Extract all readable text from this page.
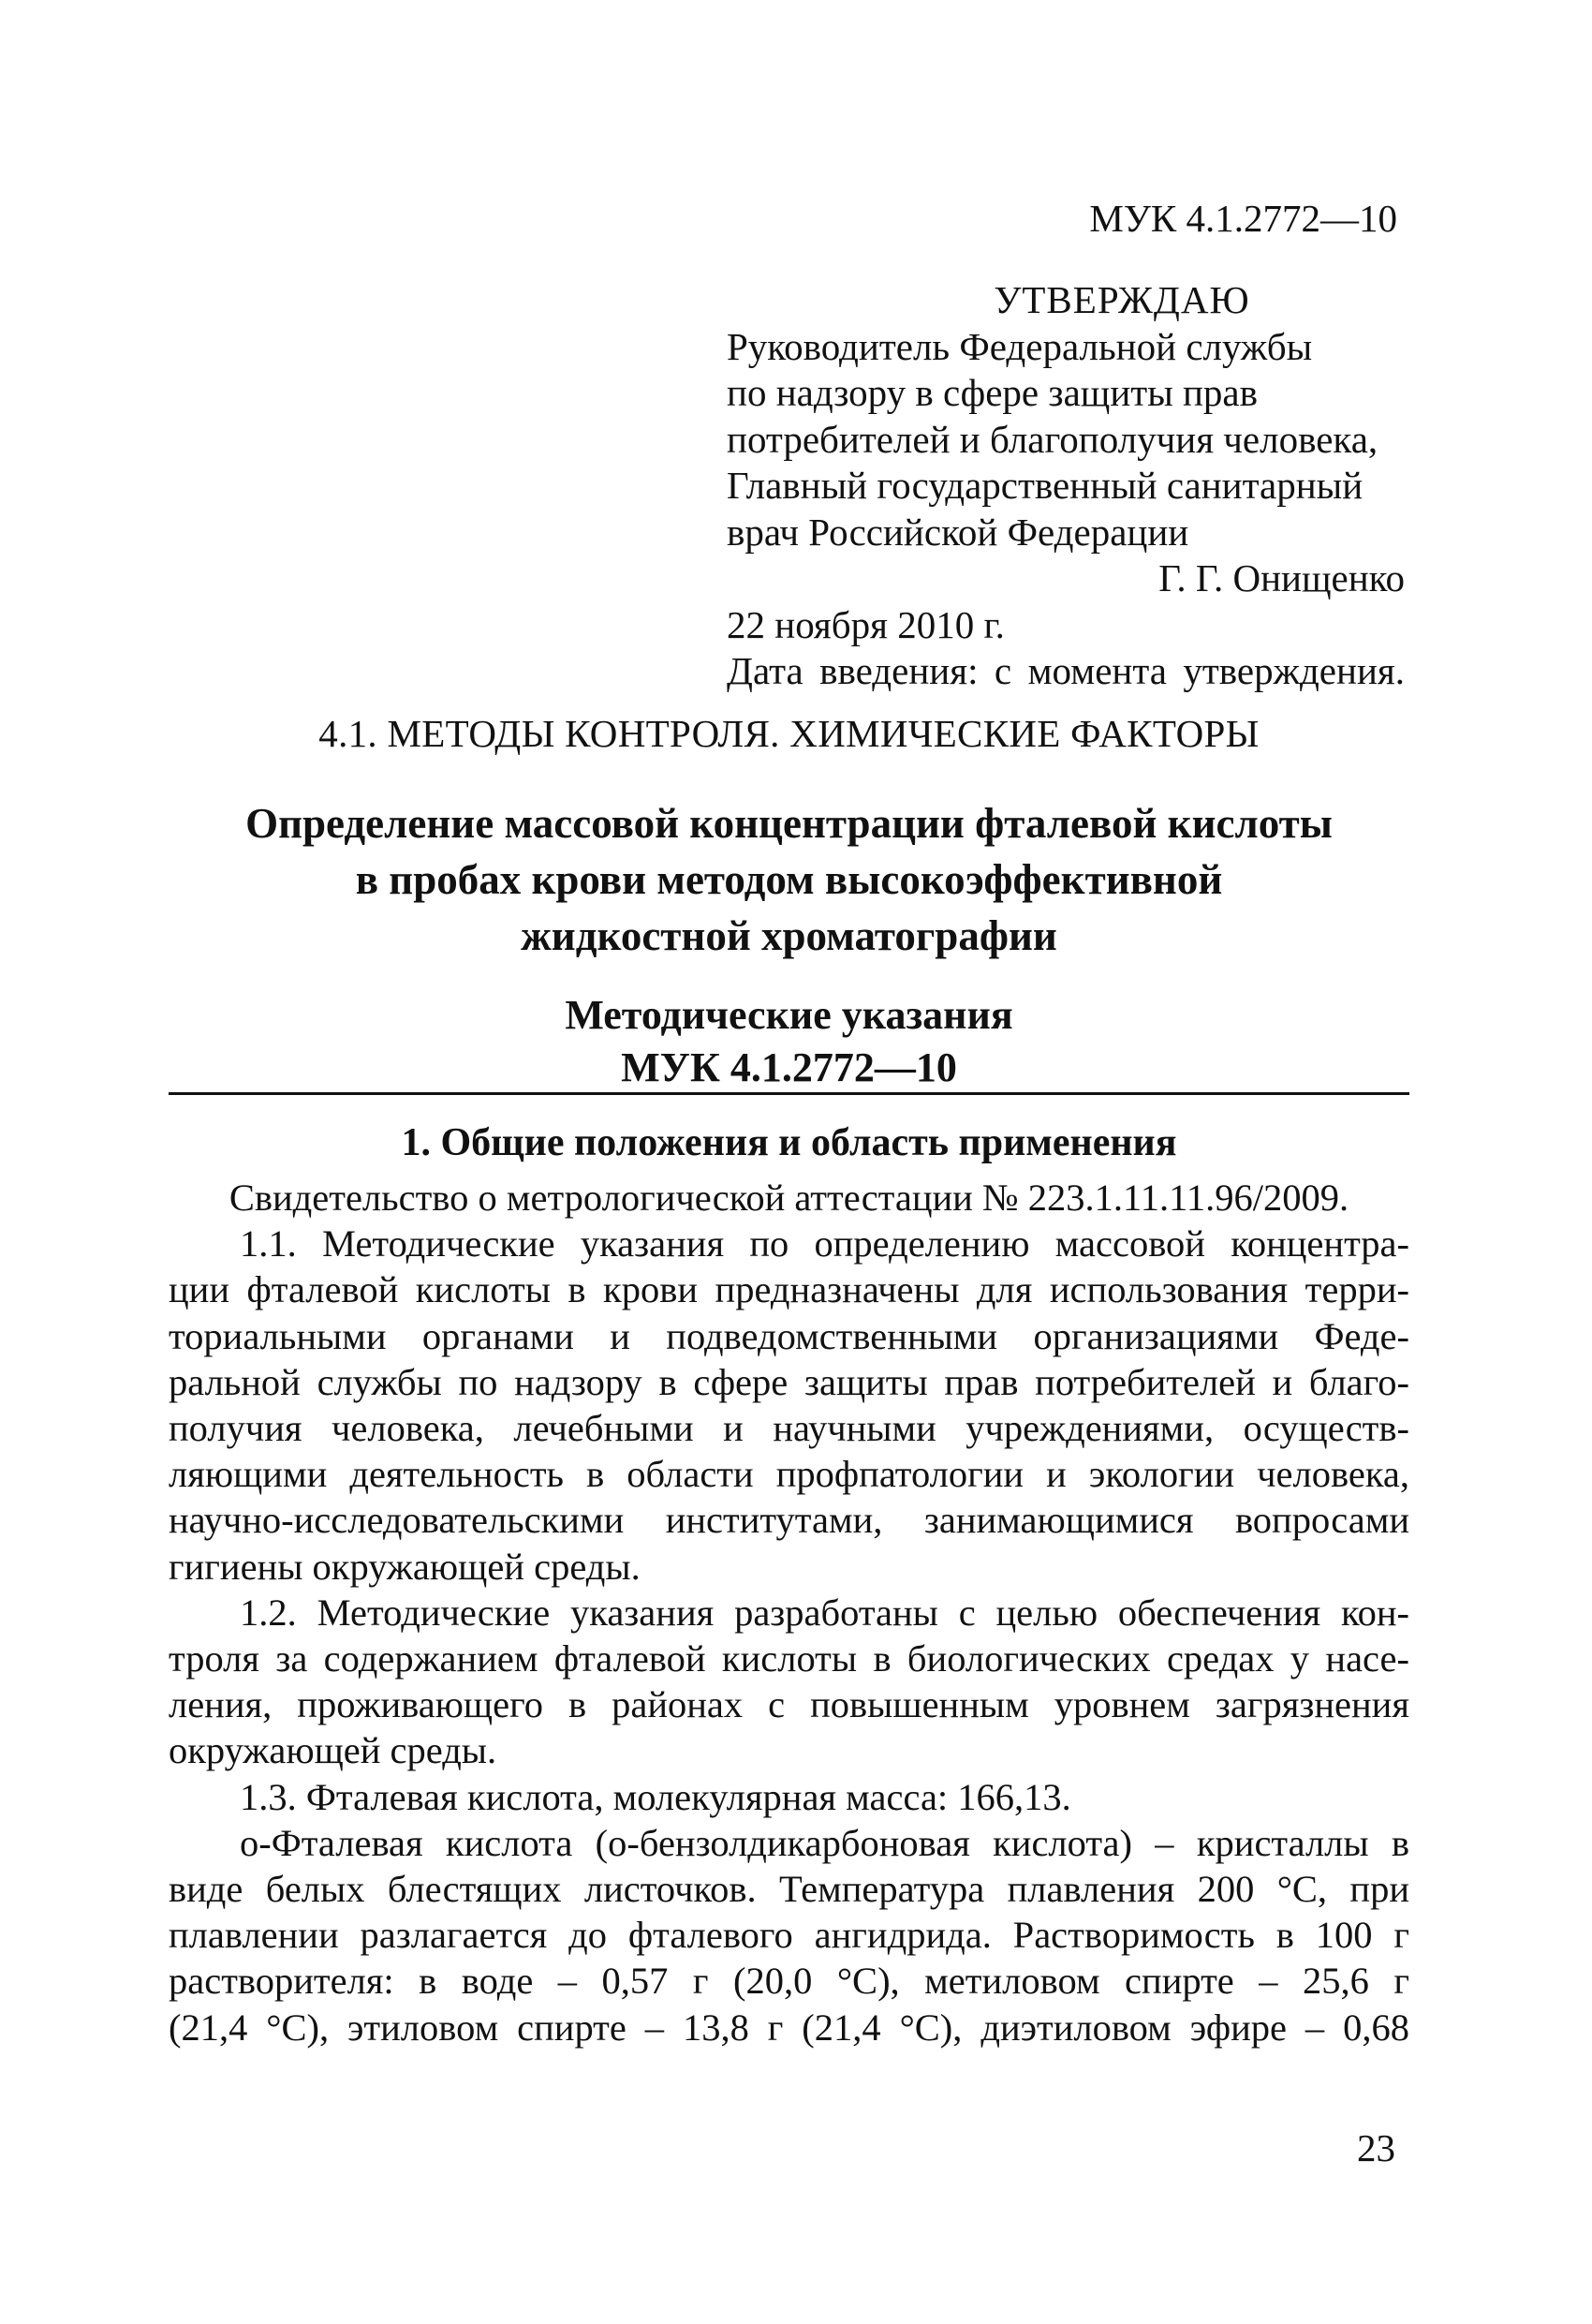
МУК 4.1.2772—10
УТВЕРЖДАЮ
Руководитель Федеральной службы
по надзору в сфере защиты прав
потребителей и благополучия человека,
Главный государственный санитарный
врач Российской Федерации
Г. Г. Онищенко
22 ноября 2010 г.
Дата введения: с момента утверждения.
4.1. МЕТОДЫ КОНТРОЛЯ. ХИМИЧЕСКИЕ ФАКТОРЫ
Определение массовой концентрации фталевой кислоты
в пробах крови методом высокоэффективной
жидкостной хроматографии
Методические указания
МУК 4.1.2772—10
1. Общие положения и область применения
Свидетельство о метрологической аттестации № 223.1.11.11.96/2009.
1.1. Методические указания по определению массовой концентра-
ции фталевой кислоты в крови предназначены для использования терри-
ториальными органами и подведомственными организациями Феде-
ральной службы по надзору в сфере защиты прав потребителей и благо-
получия человека, лечебными и научными учреждениями, осуществ-
ляющими деятельность в области профпатологии и экологии человека,
научно-исследовательскими институтами, занимающимися вопросами
гигиены окружающей среды.
1.2. Методические указания разработаны с целью обеспечения кон-
троля за содержанием фталевой кислоты в биологических средах у насе-
ления, проживающего в районах с повышенным уровнем загрязнения
окружающей среды.
1.3. Фталевая кислота, молекулярная масса: 166,13.
о-Фталевая кислота (о-бензолдикарбоновая кислота) – кристаллы в
виде белых блестящих листочков. Температура плавления 200 °С, при
плавлении разлагается до фталевого ангидрида. Растворимость в 100 г
растворителя: в воде – 0,57 г (20,0 °С), метиловом спирте – 25,6 г
(21,4 °С), этиловом спирте – 13,8 г (21,4 °С), диэтиловом эфире – 0,68
23
